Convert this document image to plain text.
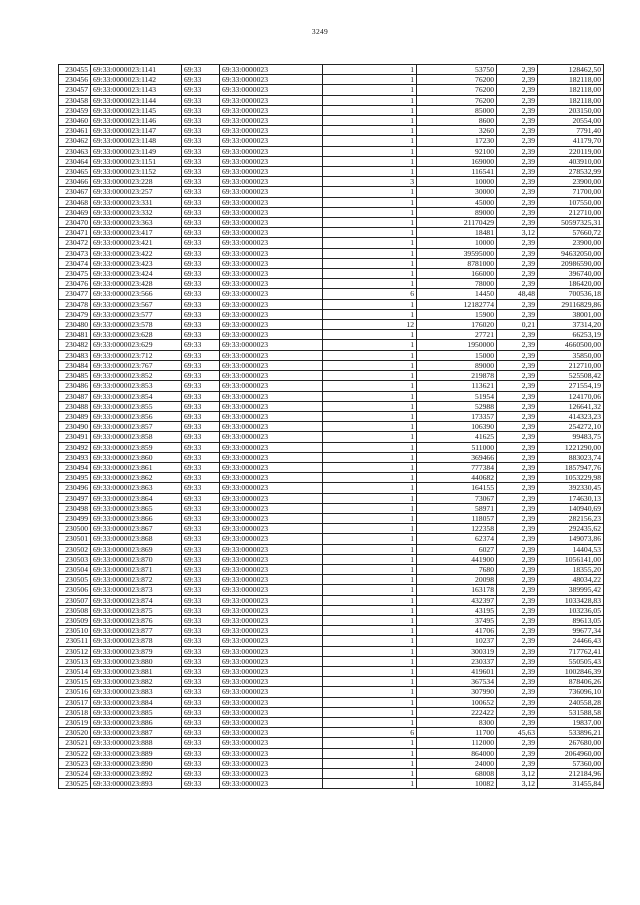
3249
230455	69:33:0000023:1141	69:33	69:33:0000023	1	53750	2,39	128462,50
230456	69:33:0000023:1142	69:33	69:33:0000023	1	76200	2,39	182118,00
230457	69:33:0000023:1143	69:33	69:33:0000023	1	76200	2,39	182118,00
230458	69:33:0000023:1144	69:33	69:33:0000023	1	76200	2,39	182118,00
230459	69:33:0000023:1145	69:33	69:33:0000023	1	85000	2,39	203150,00
230460	69:33:0000023:1146	69:33	69:33:0000023	1	8600	2,39	20554,00
230461	69:33:0000023:1147	69:33	69:33:0000023	1	3260	2,39	7791,40
230462	69:33:0000023:1148	69:33	69:33:0000023	1	17230	2,39	41179,70
230463	69:33:0000023:1149	69:33	69:33:0000023	1	92100	2,39	220119,00
230464	69:33:0000023:1151	69:33	69:33:0000023	1	169000	2,39	403910,00
230465	69:33:0000023:1152	69:33	69:33:0000023	1	116541	2,39	278532,99
230466	69:33:0000023:228	69:33	69:33:0000023	3	10000	2,39	23900,00
230467	69:33:0000023:257	69:33	69:33:0000023	1	30000	2,39	71700,00
230468	69:33:0000023:331	69:33	69:33:0000023	1	45000	2,39	107550,00
230469	69:33:0000023:332	69:33	69:33:0000023	1	89000	2,39	212710,00
230470	69:33:0000023:363	69:33	69:33:0000023	1	21170429	2,39	50597325,31
230471	69:33:0000023:417	69:33	69:33:0000023	1	18481	3,12	57660,72
230472	69:33:0000023:421	69:33	69:33:0000023	1	10000	2,39	23900,00
230473	69:33:0000023:422	69:33	69:33:0000023	1	39595000	2,39	94632050,00
230474	69:33:0000023:423	69:33	69:33:0000023	1	8781000	2,39	20986590,00
230475	69:33:0000023:424	69:33	69:33:0000023	1	166000	2,39	396740,00
230476	69:33:0000023:428	69:33	69:33:0000023	1	78000	2,39	186420,00
230477	69:33:0000023:566	69:33	69:33:0000023	6	14450	48,48	700536,18
230478	69:33:0000023:567	69:33	69:33:0000023	1	12182774	2,39	29116829,86
230479	69:33:0000023:577	69:33	69:33:0000023	1	15900	2,39	38001,00
230480	69:33:0000023:578	69:33	69:33:0000023	12	176020	0,21	37314,20
230481	69:33:0000023:628	69:33	69:33:0000023	1	27721	2,39	66253,19
230482	69:33:0000023:629	69:33	69:33:0000023	1	1950000	2,39	4660500,00
230483	69:33:0000023:712	69:33	69:33:0000023	1	15000	2,39	35850,00
230484	69:33:0000023:767	69:33	69:33:0000023	1	89000	2,39	212710,00
230485	69:33:0000023:852	69:33	69:33:0000023	1	219878	2,39	525508,42
230486	69:33:0000023:853	69:33	69:33:0000023	1	113621	2,39	271554,19
230487	69:33:0000023:854	69:33	69:33:0000023	1	51954	2,39	124170,06
230488	69:33:0000023:855	69:33	69:33:0000023	1	52988	2,39	126641,32
230489	69:33:0000023:856	69:33	69:33:0000023	1	173357	2,39	414323,23
230490	69:33:0000023:857	69:33	69:33:0000023	1	106390	2,39	254272,10
230491	69:33:0000023:858	69:33	69:33:0000023	1	41625	2,39	99483,75
230492	69:33:0000023:859	69:33	69:33:0000023	1	511000	2,39	1221290,00
230493	69:33:0000023:860	69:33	69:33:0000023	1	369466	2,39	883023,74
230494	69:33:0000023:861	69:33	69:33:0000023	1	777384	2,39	1857947,76
230495	69:33:0000023:862	69:33	69:33:0000023	1	440682	2,39	1053229,98
230496	69:33:0000023:863	69:33	69:33:0000023	1	164155	2,39	392330,45
230497	69:33:0000023:864	69:33	69:33:0000023	1	73067	2,39	174630,13
230498	69:33:0000023:865	69:33	69:33:0000023	1	58971	2,39	140940,69
230499	69:33:0000023:866	69:33	69:33:0000023	1	118057	2,39	282156,23
230500	69:33:0000023:867	69:33	69:33:0000023	1	122358	2,39	292435,62
230501	69:33:0000023:868	69:33	69:33:0000023	1	62374	2,39	149073,86
230502	69:33:0000023:869	69:33	69:33:0000023	1	6027	2,39	14404,53
230503	69:33:0000023:870	69:33	69:33:0000023	1	441900	2,39	1056141,00
230504	69:33:0000023:871	69:33	69:33:0000023	1	7680	2,39	18355,20
230505	69:33:0000023:872	69:33	69:33:0000023	1	20098	2,39	48034,22
230506	69:33:0000023:873	69:33	69:33:0000023	1	163178	2,39	389995,42
230507	69:33:0000023:874	69:33	69:33:0000023	1	432397	2,39	1033428,83
230508	69:33:0000023:875	69:33	69:33:0000023	1	43195	2,39	103236,05
230509	69:33:0000023:876	69:33	69:33:0000023	1	37495	2,39	89613,05
230510	69:33:0000023:877	69:33	69:33:0000023	1	41706	2,39	99677,34
230511	69:33:0000023:878	69:33	69:33:0000023	1	10237	2,39	24466,43
230512	69:33:0000023:879	69:33	69:33:0000023	1	300319	2,39	717762,41
230513	69:33:0000023:880	69:33	69:33:0000023	1	230337	2,39	550505,43
230514	69:33:0000023:881	69:33	69:33:0000023	1	419601	2,39	1002846,39
230515	69:33:0000023:882	69:33	69:33:0000023	1	367534	2,39	878406,26
230516	69:33:0000023:883	69:33	69:33:0000023	1	307990	2,39	736096,10
230517	69:33:0000023:884	69:33	69:33:0000023	1	100652	2,39	240558,28
230518	69:33:0000023:885	69:33	69:33:0000023	1	222422	2,39	531588,58
230519	69:33:0000023:886	69:33	69:33:0000023	1	8300	2,39	19837,00
230520	69:33:0000023:887	69:33	69:33:0000023	6	11700	45,63	533896,21
230521	69:33:0000023:888	69:33	69:33:0000023	1	112000	2,39	267680,00
230522	69:33:0000023:889	69:33	69:33:0000023	1	864000	2,39	2064960,00
230523	69:33:0000023:890	69:33	69:33:0000023	1	24000	2,39	57360,00
230524	69:33:0000023:892	69:33	69:33:0000023	1	68008	3,12	212184,96
230525	69:33:0000023:893	69:33	69:33:0000023	1	10082	3,12	31455,84
